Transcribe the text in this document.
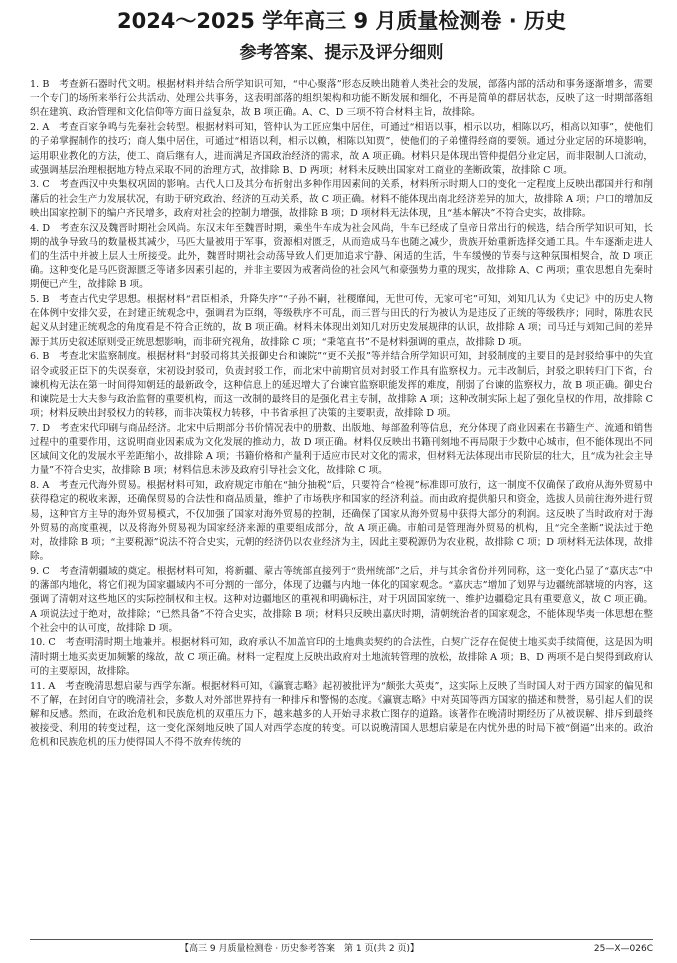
2024～2025 学年高三 9 月质量检测卷 · 历史
参考答案、提示及评分细则

1. B　 考查新石器时代文明。根据材料并结合所学知识可知，“中心聚落”形态反映出随着人类社会的发展，部落内部的活动和事务逐渐增多，需要一个专门的场所来举行公共活动、处理公共事务，这表明部落的组织架构和功能不断发展和细化，不再是简单的群居状态，反映了这一时期部落组织在建筑、政治管理和文化信仰等方面日益复杂，故 B 项正确。A、C、D 三项不符合材料主旨，故排除。

2. A　 考查百家争鸣与先秦社会转型。根据材料可知，管仲认为工匠应集中居住，可通过“相语以事，相示以功，相陈以巧，相高以知事”，使他们的子弟掌握制作的技巧；商人集中居住，可通过“相语以利，相示以赖，相陈以知贾”，使他们的子弟懂得经商的要领。通过分业定居的环境影响，运用职业教化的方法，使工、商后继有人，进而满足齐国政治经济的需求，故 A 项正确。材料只是体现出管仲提倡分业定居，而非限制人口流动，或强调基层治理根据地方特点采取不同的治理方式，故排除 B、D 两项；材料未反映出国家对工商业的垄断政策，故排除 C 项。

3. C　 考查西汉中央集权巩固的影响。古代人口及其分布折射出多种作用因素间的关系，材料所示时期人口的变化一定程度上反映出郡国并行和削藩后的社会生产力发展状况，有助于研究政治、经济的互动关系，故 C 项正确。材料不能体现出南北经济差异的加大，故排除 A 项；户口的增加反映出国家控制下的编户齐民增多，政府对社会的控制力增强，故排除 B 项；D 项材料无法体现，且“基本解决”不符合史实，故排除。

4. D　 考查东汉及魏晋时期社会风尚。东汉末年至魏晋时期，乘坐牛车成为社会风尚，牛车已经成了皇帝日常出行的候选，结合所学知识可知，长期的战争导致马的数量极其减少，马匹大量被用于军事，资源相对匮乏，从而造成马车也随之减少，贵族开始重新选择交通工具。牛车逐渐走进人们的生活中并被上层人士所接受。此外，魏晋时期社会动荡导致人们更加追求宁静、闲适的生活，牛车缓慢的节奏与这种氛围相契合，故 D 项正确。这种变化是马匹资源匮乏等诸多因素引起的，并非主要因为戒奢尚俭的社会风气和豪强势力重的现实，故排除 A、C 两项；重农思想自先秦时期便已产生，故排除 B 项。

5. B　 考查古代史学思想。根据材料“君臣相杀，升降失序”“子孙不嗣，社稷靡闻，无世可传，无家可宅”可知，刘知几认为《史记》中的历史人物在体例中安排欠妥，在封建正统观念中，强调君为臣纲，等级秩序不可乱，而三晋与田氏的行为被认为是违反了正统的等级秩序；同时，陈胜农民起义从封建正统观念的角度看是不符合正统的，故 B 项正确。材料未体现出刘知几对历史发展规律的认识，故排除 A 项；司马迁与刘知己间的差异源于其历史叙述原则受正统思想影响，而非研究视角，故排除 C 项；“秉笔直书”不是材料强调的重点，故排除 D 项。

6. B　 考查北宋监察制度。根据材料“封驳司将其关报御史台和谏院”“更不关报”等并结合所学知识可知，封驳制度的主要目的是封驳给事中的失宜诏令或驳正臣下的失误奏章，宋初设封驳司，负责封驳工作，而北宋中前期官员对封驳工作具有监察权力。元丰改制后，封驳之职转归门下省，台谏机构无法在第一时间得知朝廷的最新政令，这种信息上的延迟增大了台谏官监察职能发挥的难度，削弱了台谏的监察权力，故 B 项正确。御史台和谏院是士大夫参与政治监督的重要机构，而这一改制的最终目的是强化君主专制，故排除 A 项；这种改制实际上起了强化皇权的作用，故排除 C 项；材料反映出封驳权力的转移，而非决策权力转移，中书省承担了决策的主要职责，故排除 D 项。

7. D　 考查宋代印刷与商品经济。北宋中后期部分书价情况表中的册数、出版地、每部盈利等信息，充分体现了商业因素在书籍生产、流通和销售过程中的重要作用，这说明商业因素成为文化发展的推动力，故 D 项正确。材料仅反映出书籍刊刻地不再局限于少数中心城市，但不能体现出不同区域间文化的发展水平差距缩小，故排除 A 项；书籍价格和产量利于适应市民对文化的需求，但材料无法体现出市民阶层的壮大，且“成为社会主导力量”不符合史实，故排除 B 项；材料信息未涉及政府引导社会文化，故排除 C 项。

8. A　 考查元代海外贸易。根据材料可知，政府规定市舶在“抽分抽税”后，只要符合“检视”标准即可放行，这一制度不仅确保了政府从海外贸易中获得稳定的税收来源，还确保贸易的合法性和商品质量，维护了市场秩序和国家的经济利益。而由政府提供船只和资金，选拔人员前往海外进行贸易，这种官方主导的海外贸易模式，不仅加强了国家对海外贸易的控制，还确保了国家从海外贸易中获得大部分的利润。这反映了当时政府对于海外贸易的高度重视，以及将海外贸易视为国家经济来源的重要组成部分，故 A 项正确。市舶司是管理海外贸易的机构，且“完全垄断”说法过于绝对，故排除 B 项；“主要税源”说法不符合史实，元朝的经济仍以农业经济为主，因此主要税源仍为农业税，故排除 C 项；D 项材料无法体现，故排除。

9. C　 考查清朝疆域的奠定。根据材料可知，将新疆、蒙古等统部直接列于“贵州统部”之后，并与其余省份并列同称，这一变化凸显了“嘉庆志”中的藩部内地化，将它们视为国家疆域内不可分割的一部分，体现了边疆与内地一体化的国家观念。“嘉庆志”增加了划界与边疆统部辖境的内容，这强调了清朝对这些地区的实际控制权和主权。这种对边疆地区的重视和明确标注，对于巩固国家统一、维护边疆稳定具有重要意义，故 C 项正确。A 项说法过于绝对，故排除；“已然具备”不符合史实，故排除 B 项；材料只反映出嘉庆时期，清朝统治者的国家观念，不能体现华夷一体思想在整个社会中的认可度，故排除 D 项。

10. C　 考查明清时期土地兼并。根据材料可知，政府承认不加盖官印的土地典卖契约的合法性，白契广泛存在促使土地买卖手续简便，这是因为明清时期土地买卖更加频繁的缘故，故 C 项正确。材料一定程度上反映出政府对土地流转管理的放松，故排除 A 项；B、D 两项不是白契得到政府认可的主要原因，故排除。

11. A　 考查晚清思想启蒙与西学东渐。根据材料可知，《瀛寰志略》起初被批评为“颇张大英夷”，这实际上反映了当时国人对于西方国家的偏见和不了解，在封闭自守的晚清社会，多数人对外部世界持有一种排斥和警惕的态度。《瀛寰志略》中对英国等西方国家的描述和赞誉，易引起人们的误解和反感。然而，在政治危机和民族危机的双重压力下，越来越多的人开始寻求救亡图存的道路。该著作在晚清时期经历了从被误解、排斥到最终被接受、利用的转变过程，这一变化深刻地反映了国人对西学态度的转变。可以说晚清国人思想启蒙是在内忧外患的时局下被“倒逼”出来的。政治危机和民族危机的压力使得国人不得不放弃传统的

【高三 9 月质量检测卷 · 历史参考答案　第 1 页(共 2 页)】	25—X—026C
